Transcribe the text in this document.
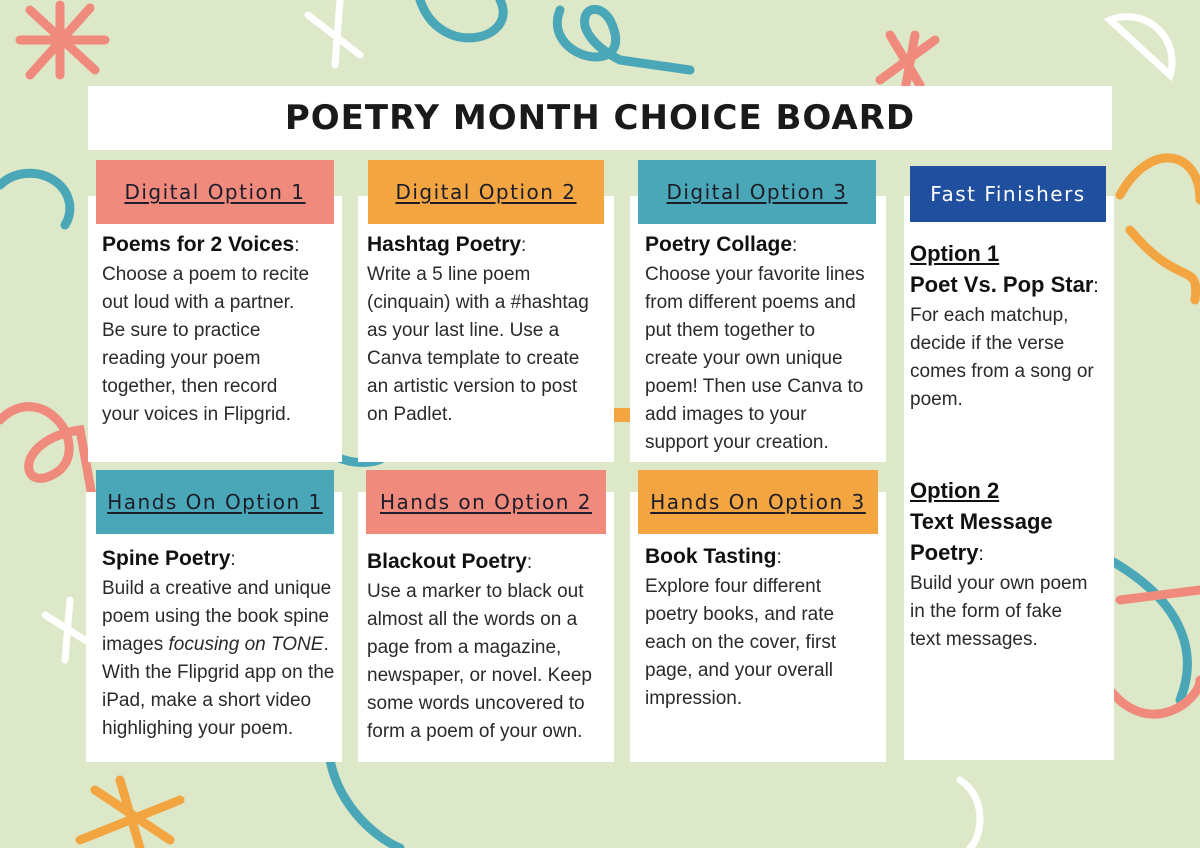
POETRY MONTH CHOICE BOARD
Digital Option 1
Poems for 2 Voices:
Choose a poem to recite
out loud with a partner.
Be sure to practice
reading your poem
together, then record
your voices in Flipgrid.
Digital Option 2
Hashtag Poetry:
Write a 5 line poem
(cinquain) with a #hashtag
as your last line. Use a
Canva template to create
an artistic version to post
on Padlet.
Digital Option 3
Poetry Collage:
Choose your favorite lines
from different poems and
put them together to
create your own unique
poem! Then use Canva to
add images to your
support your creation.
Hands On Option 1
Spine Poetry:
Build a creative and unique
poem using the book spine
images focusing on TONE.
With the Flipgrid app on the
iPad, make a short video
highlighing your poem.
Hands on Option 2
Blackout Poetry:
Use a marker to black out
almost all the words on a
page from a magazine,
newspaper, or novel. Keep
some words uncovered to
form a poem of your own.
Hands On Option 3
Book Tasting:
Explore four different
poetry books, and rate
each on the cover, first
page, and your overall
impression.
Fast Finishers
Option 1
Poet Vs. Pop Star:
For each matchup,
decide if the verse
comes from a song or
poem.
Option 2
Text Message
Poetry:
Build your own poem
in the form of fake
text messages.
